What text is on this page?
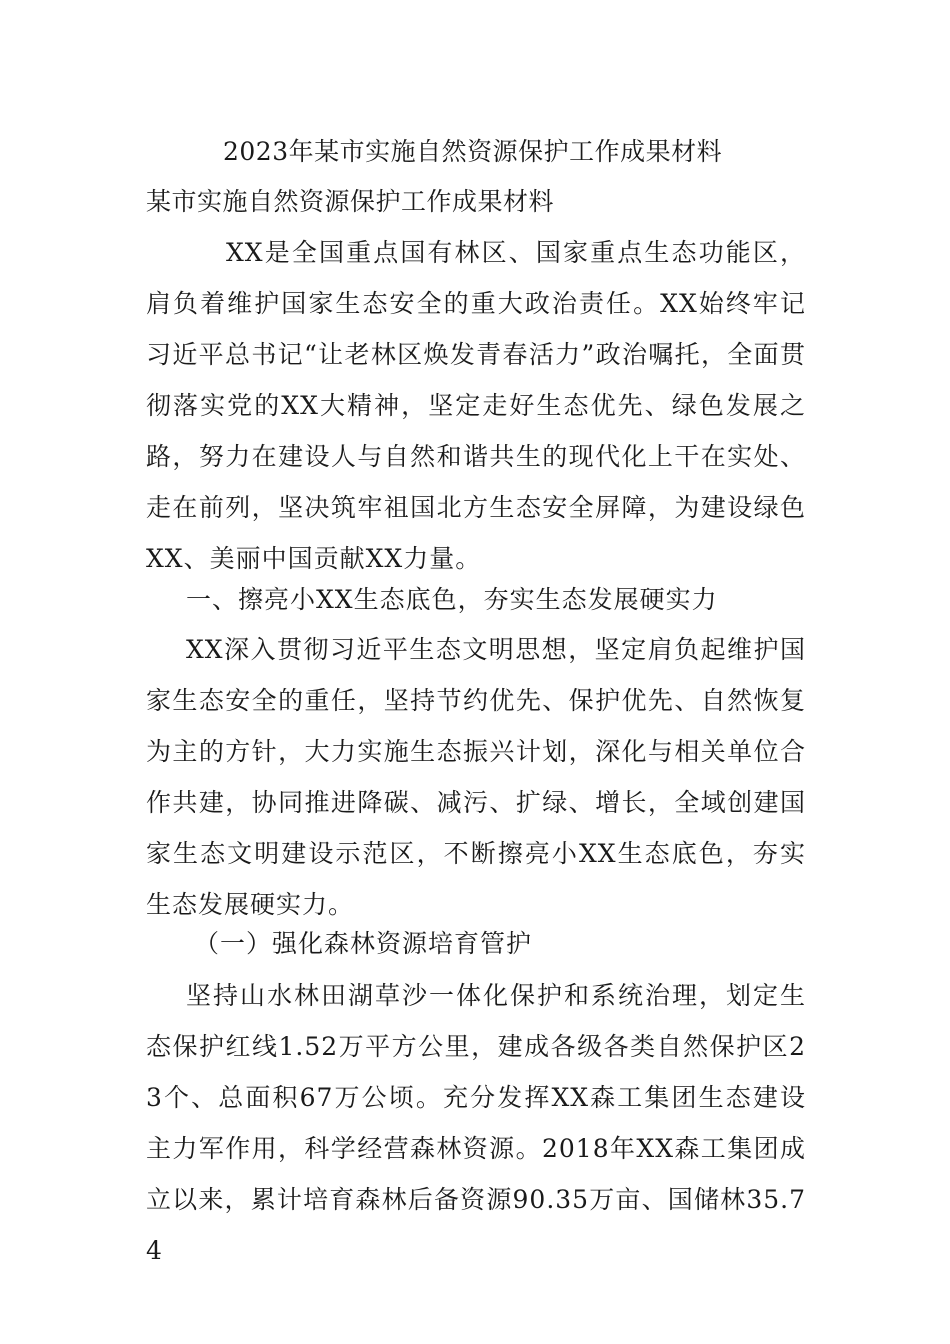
2023年某市实施自然资源保护工作成果材料
某市实施自然资源保护工作成果材料

XX是全国重点国有林区、国家重点生态功能区，肩负着维护国家生态安全的重大政治责任。XX始终牢记习近平总书记“让老林区焕发青春活力”政治嘱托，全面贯彻落实党的XX大精神，坚定走好生态优先、绿色发展之路，努力在建设人与自然和谐共生的现代化上干在实处、走在前列，坚决筑牢祖国北方生态安全屏障，为建设绿色XX、美丽中国贡献XX力量。

一、擦亮小XX生态底色，夯实生态发展硬实力

XX深入贯彻习近平生态文明思想，坚定肩负起维护国家生态安全的重任，坚持节约优先、保护优先、自然恢复为主的方针，大力实施生态振兴计划，深化与相关单位合作共建，协同推进降碳、减污、扩绿、增长，全域创建国家生态文明建设示范区，不断擦亮小XX生态底色，夯实生态发展硬实力。

（一）强化森林资源培育管护

坚持山水林田湖草沙一体化保护和系统治理，划定生态保护红线1.52万平方公里，建成各级各类自然保护区23个、总面积67万公顷。充分发挥XX森工集团生态建设主力军作用，科学经营森林资源。2018年XX森工集团成立以来，累计培育森林后备资源90.35万亩、国储林35.74
